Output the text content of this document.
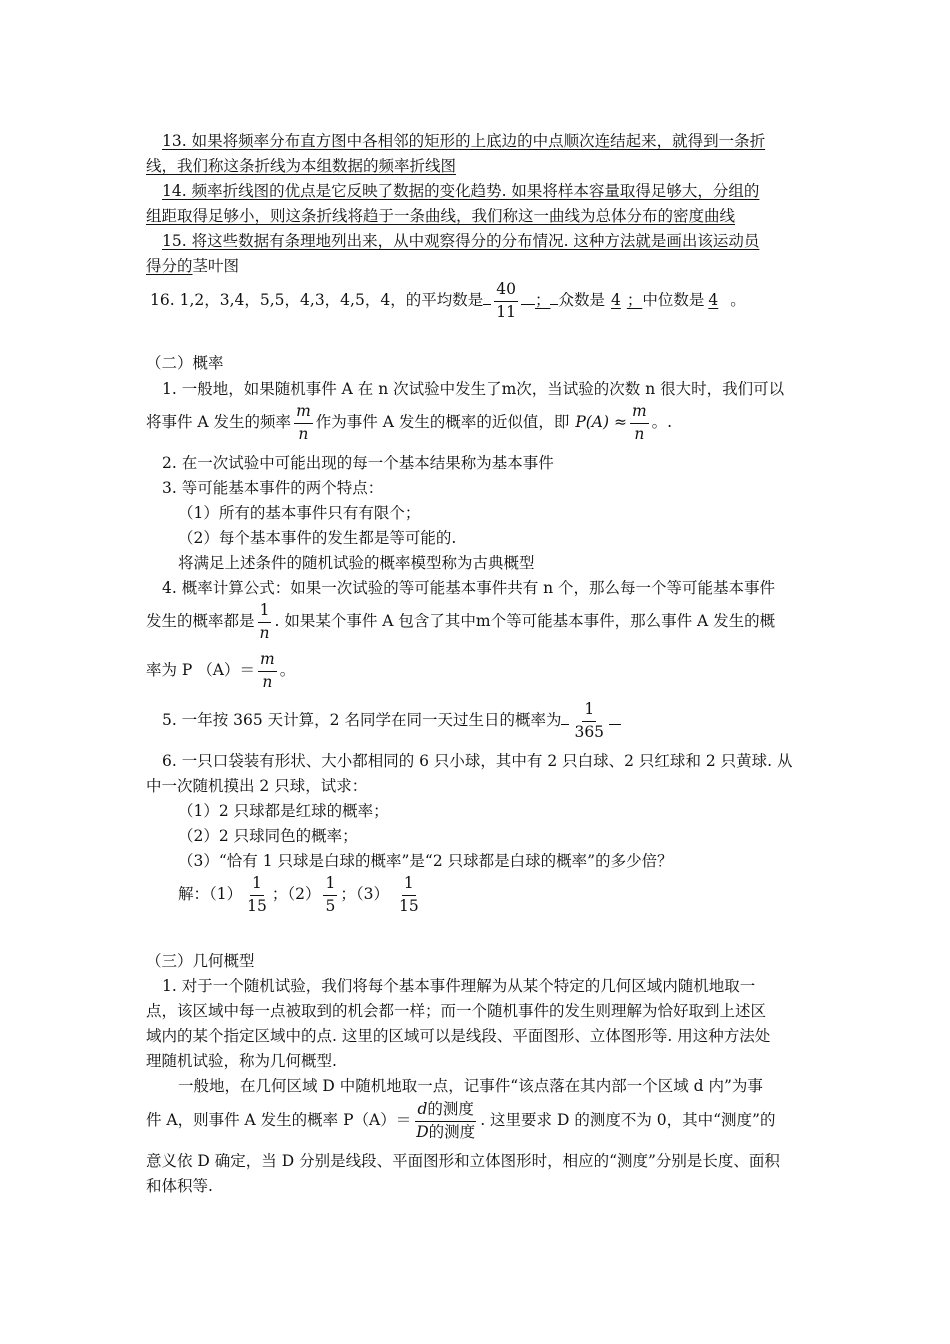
13. 如果将频率分布直方图中各相邻的矩形的上底边的中点顺次连结起来，就得到一条折
线，我们称这条折线为本组数据的频率折线图
14. 频率折线图的优点是它反映了数据的变化趋势. 如果将样本容量取得足够大，分组的
组距取得足够小，则这条折线将趋于一条曲线，我们称这一曲线为总体分布的密度曲线
15. 将这些数据有条理地列出来，从中观察得分的分布情况. 这种方法就是画出该运动员
得分的茎叶图
16. 1,2，3,4，5,5，4,3，4,5，4，的平均数是 $\frac{40}{11}$ ； 众数是 4 ；中位数是 4 。
（二）概率
1. 一般地，如果随机事件 A 在 n 次试验中发生了m次，当试验的次数 n 很大时，我们可以
将事件 A 发生的频率 $\frac{m}{n}$ 作为事件 A 发生的概率的近似值，即 $P(A) \approx \frac{m}{n}$ 。.
2. 在一次试验中可能出现的每一个基本结果称为基本事件
3. 等可能基本事件的两个特点：
（1）所有的基本事件只有有限个；
（2）每个基本事件的发生都是等可能的.
将满足上述条件的随机试验的概率模型称为古典概型
4. 概率计算公式：如果一次试验的等可能基本事件共有 n 个，那么每一个等可能基本事件
发生的概率都是 $\frac{1}{n}$ . 如果某个事件 A 包含了其中m个等可能基本事件，那么事件 A 发生的概
率为 P $(A)= \frac{m}{n}$ 。
5. 一年按 365 天计算，2 名同学在同一天过生日的概率为 $\frac{1}{365}$
6. 一只口袋装有形状、大小都相同的 6 只小球，其中有 2 只白球、2 只红球和 2 只黄球. 从
中一次随机摸出 2 只球，试求：
（1）2 只球都是红球的概率；
（2）2 只球同色的概率；
（3）“恰有 1 只球是白球的概率”是“2 只球都是白球的概率”的多少倍？
解：$(1) \frac{1}{15}$ ；$(2) \frac{1}{5}$ ；$(3) \frac{1}{15}$
（三）几何概型
1. 对于一个随机试验，我们将每个基本事件理解为从某个特定的几何区域内随机地取一
点，该区域中每一点被取到的机会都一样；而一个随机事件的发生则理解为恰好取到上述区
域内的某个指定区域中的点. 这里的区域可以是线段、平面图形、立体图形等. 用这种方法处
理随机试验，称为几何概型.
一般地，在几何区域 D 中随机地取一点，记事件“该点落在其内部一个区域 d 内”为事
件 A，则事件 A 发生的概率 $P(A)= \frac{\text{d的测度}}{\text{D的测度}}$ . 这里要求 D 的测度不为 0，其中“测度”的
意义依 D 确定，当 D 分别是线段、平面图形和立体图形时，相应的“测度”分别是长度、面积
和体积等.
